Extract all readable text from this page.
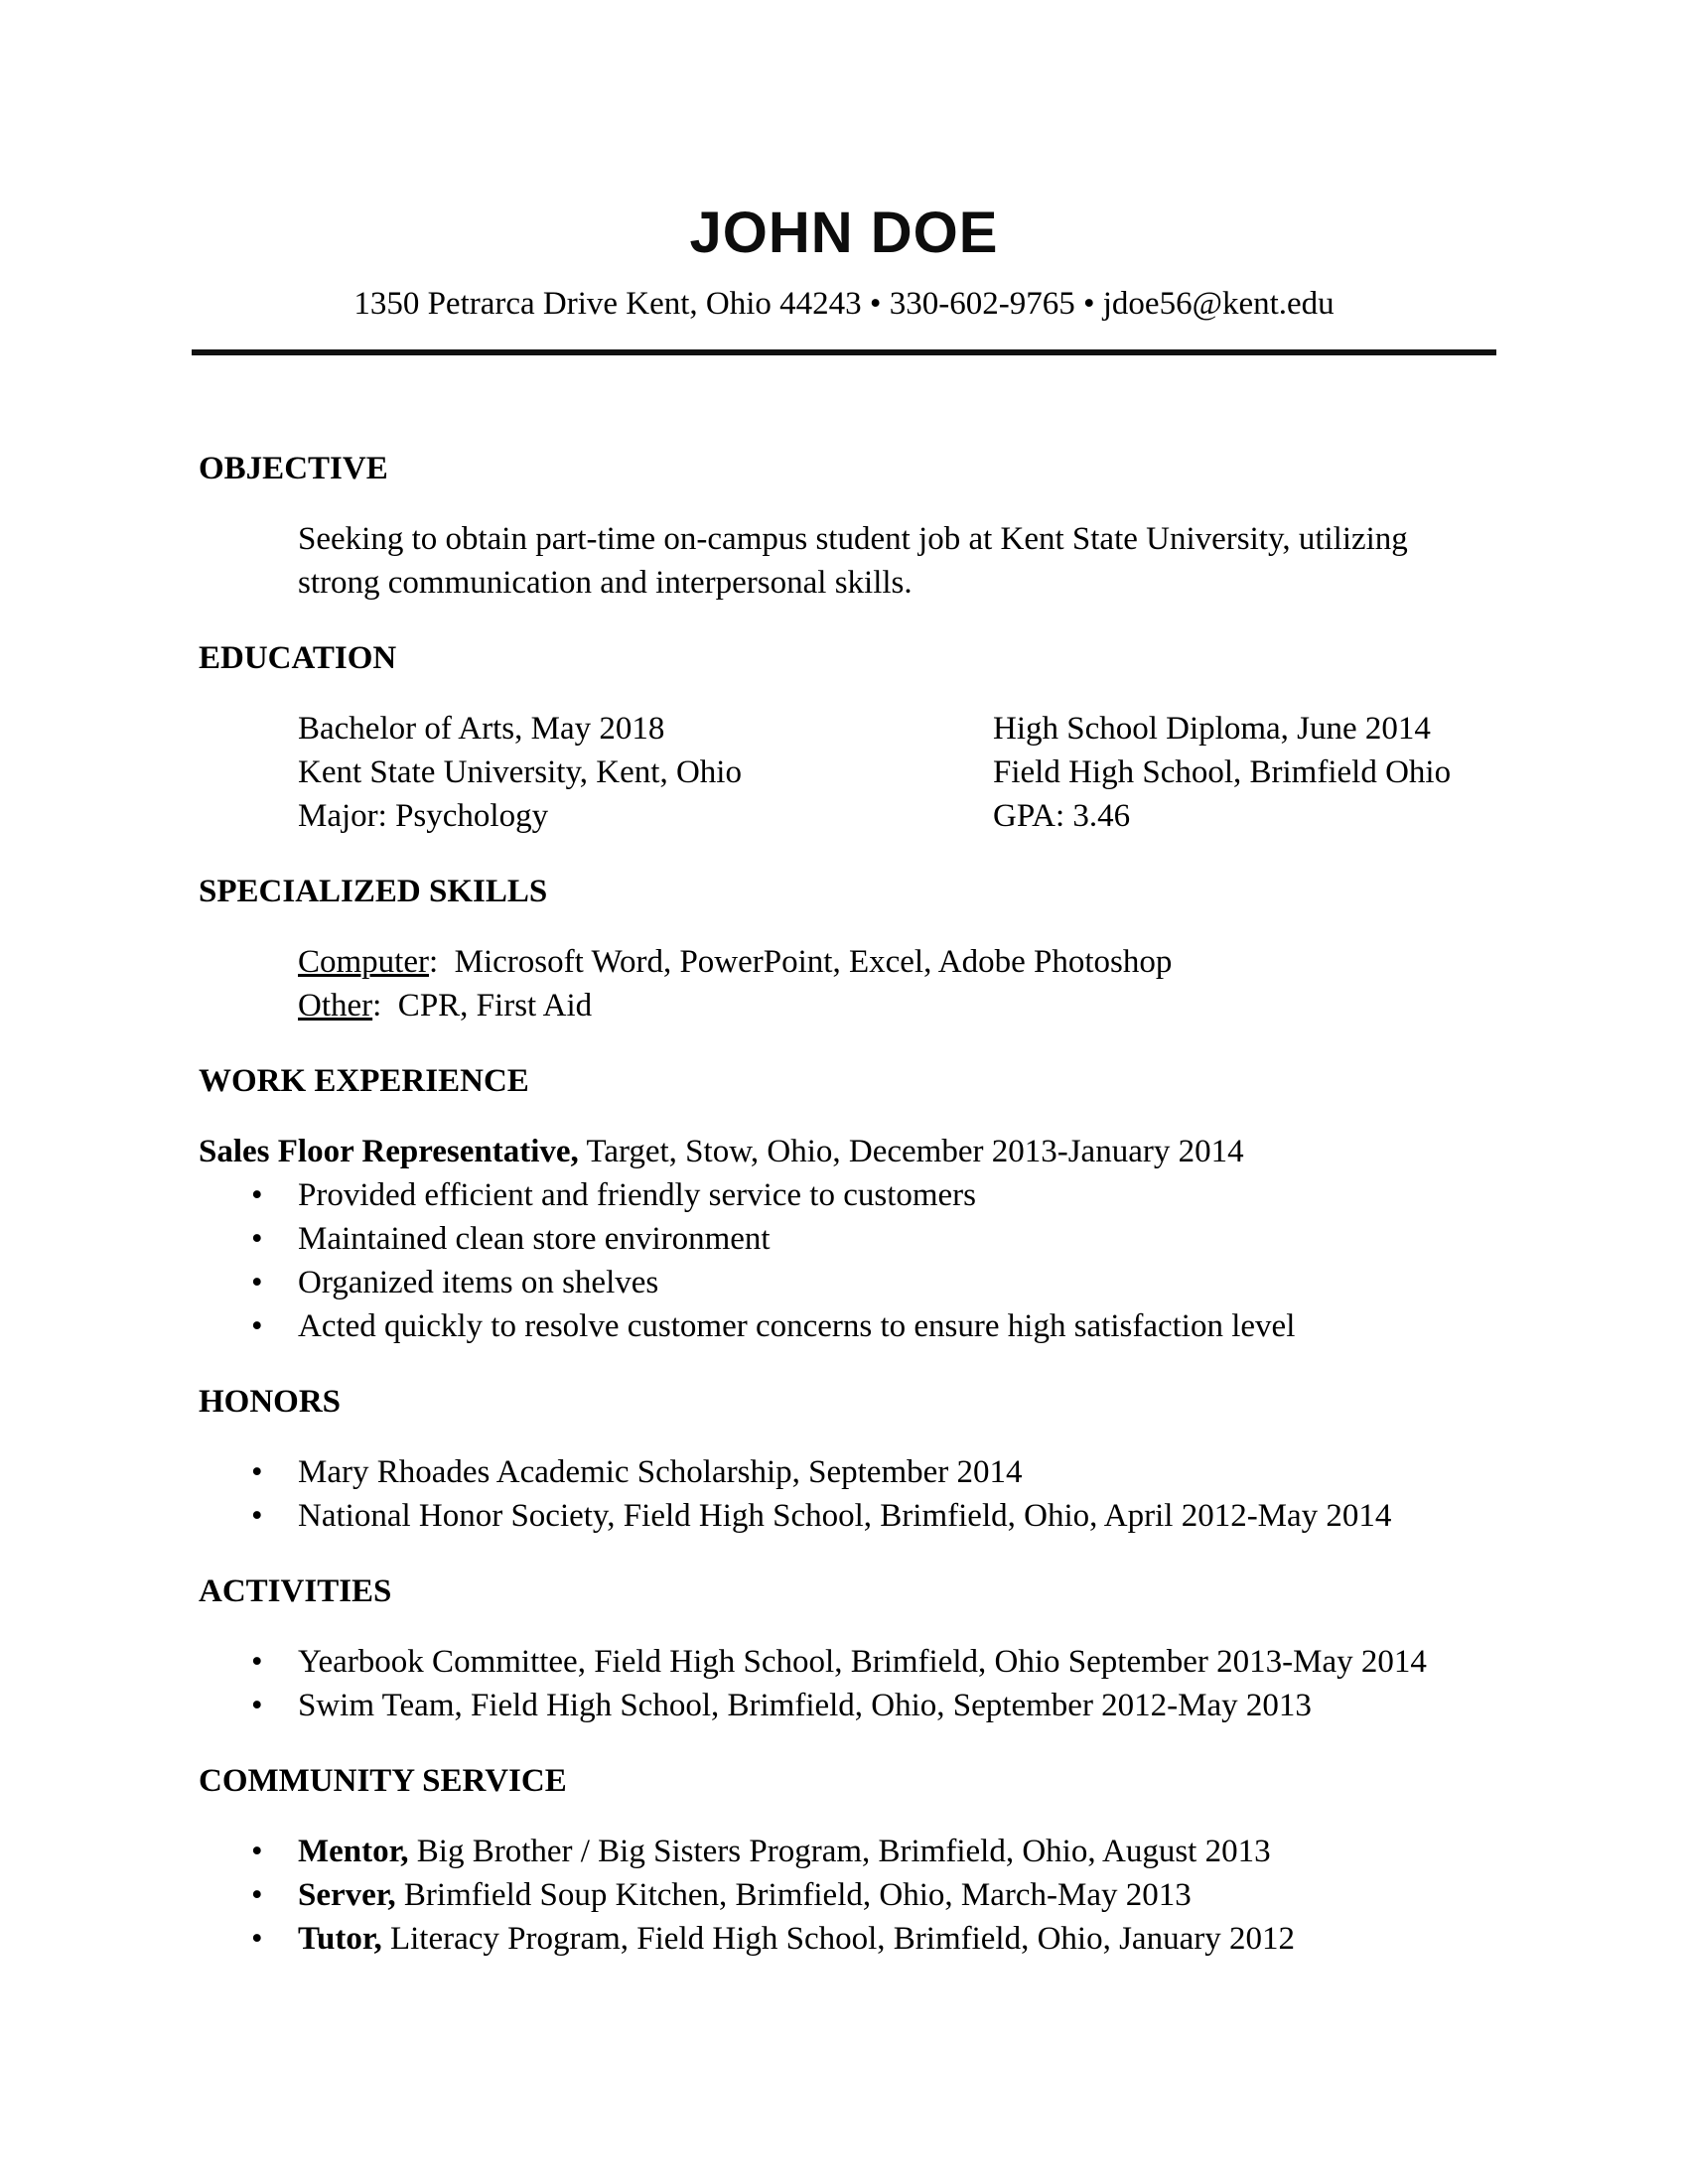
JOHN DOE
1350 Petrarca Drive Kent, Ohio 44243 • 330-602-9765 • jdoe56@kent.edu
OBJECTIVE
Seeking to obtain part-time on-campus student job at Kent State University, utilizing strong communication and interpersonal skills.
EDUCATION
Bachelor of Arts, May 2018
Kent State University, Kent, Ohio
Major: Psychology
High School Diploma, June 2014
Field High School, Brimfield Ohio
GPA: 3.46
SPECIALIZED SKILLS
Computer:  Microsoft Word, PowerPoint, Excel, Adobe Photoshop
Other:  CPR, First Aid
WORK EXPERIENCE
Sales Floor Representative, Target, Stow, Ohio, December 2013-January 2014
• Provided efficient and friendly service to customers
• Maintained clean store environment
• Organized items on shelves
• Acted quickly to resolve customer concerns to ensure high satisfaction level
HONORS
• Mary Rhoades Academic Scholarship, September 2014
• National Honor Society, Field High School, Brimfield, Ohio, April 2012-May 2014
ACTIVITIES
• Yearbook Committee, Field High School, Brimfield, Ohio September 2013-May 2014
• Swim Team, Field High School, Brimfield, Ohio, September 2012-May 2013
COMMUNITY SERVICE
• Mentor, Big Brother / Big Sisters Program, Brimfield, Ohio, August 2013
• Server, Brimfield Soup Kitchen, Brimfield, Ohio, March-May 2013
• Tutor, Literacy Program, Field High School, Brimfield, Ohio, January 2012
